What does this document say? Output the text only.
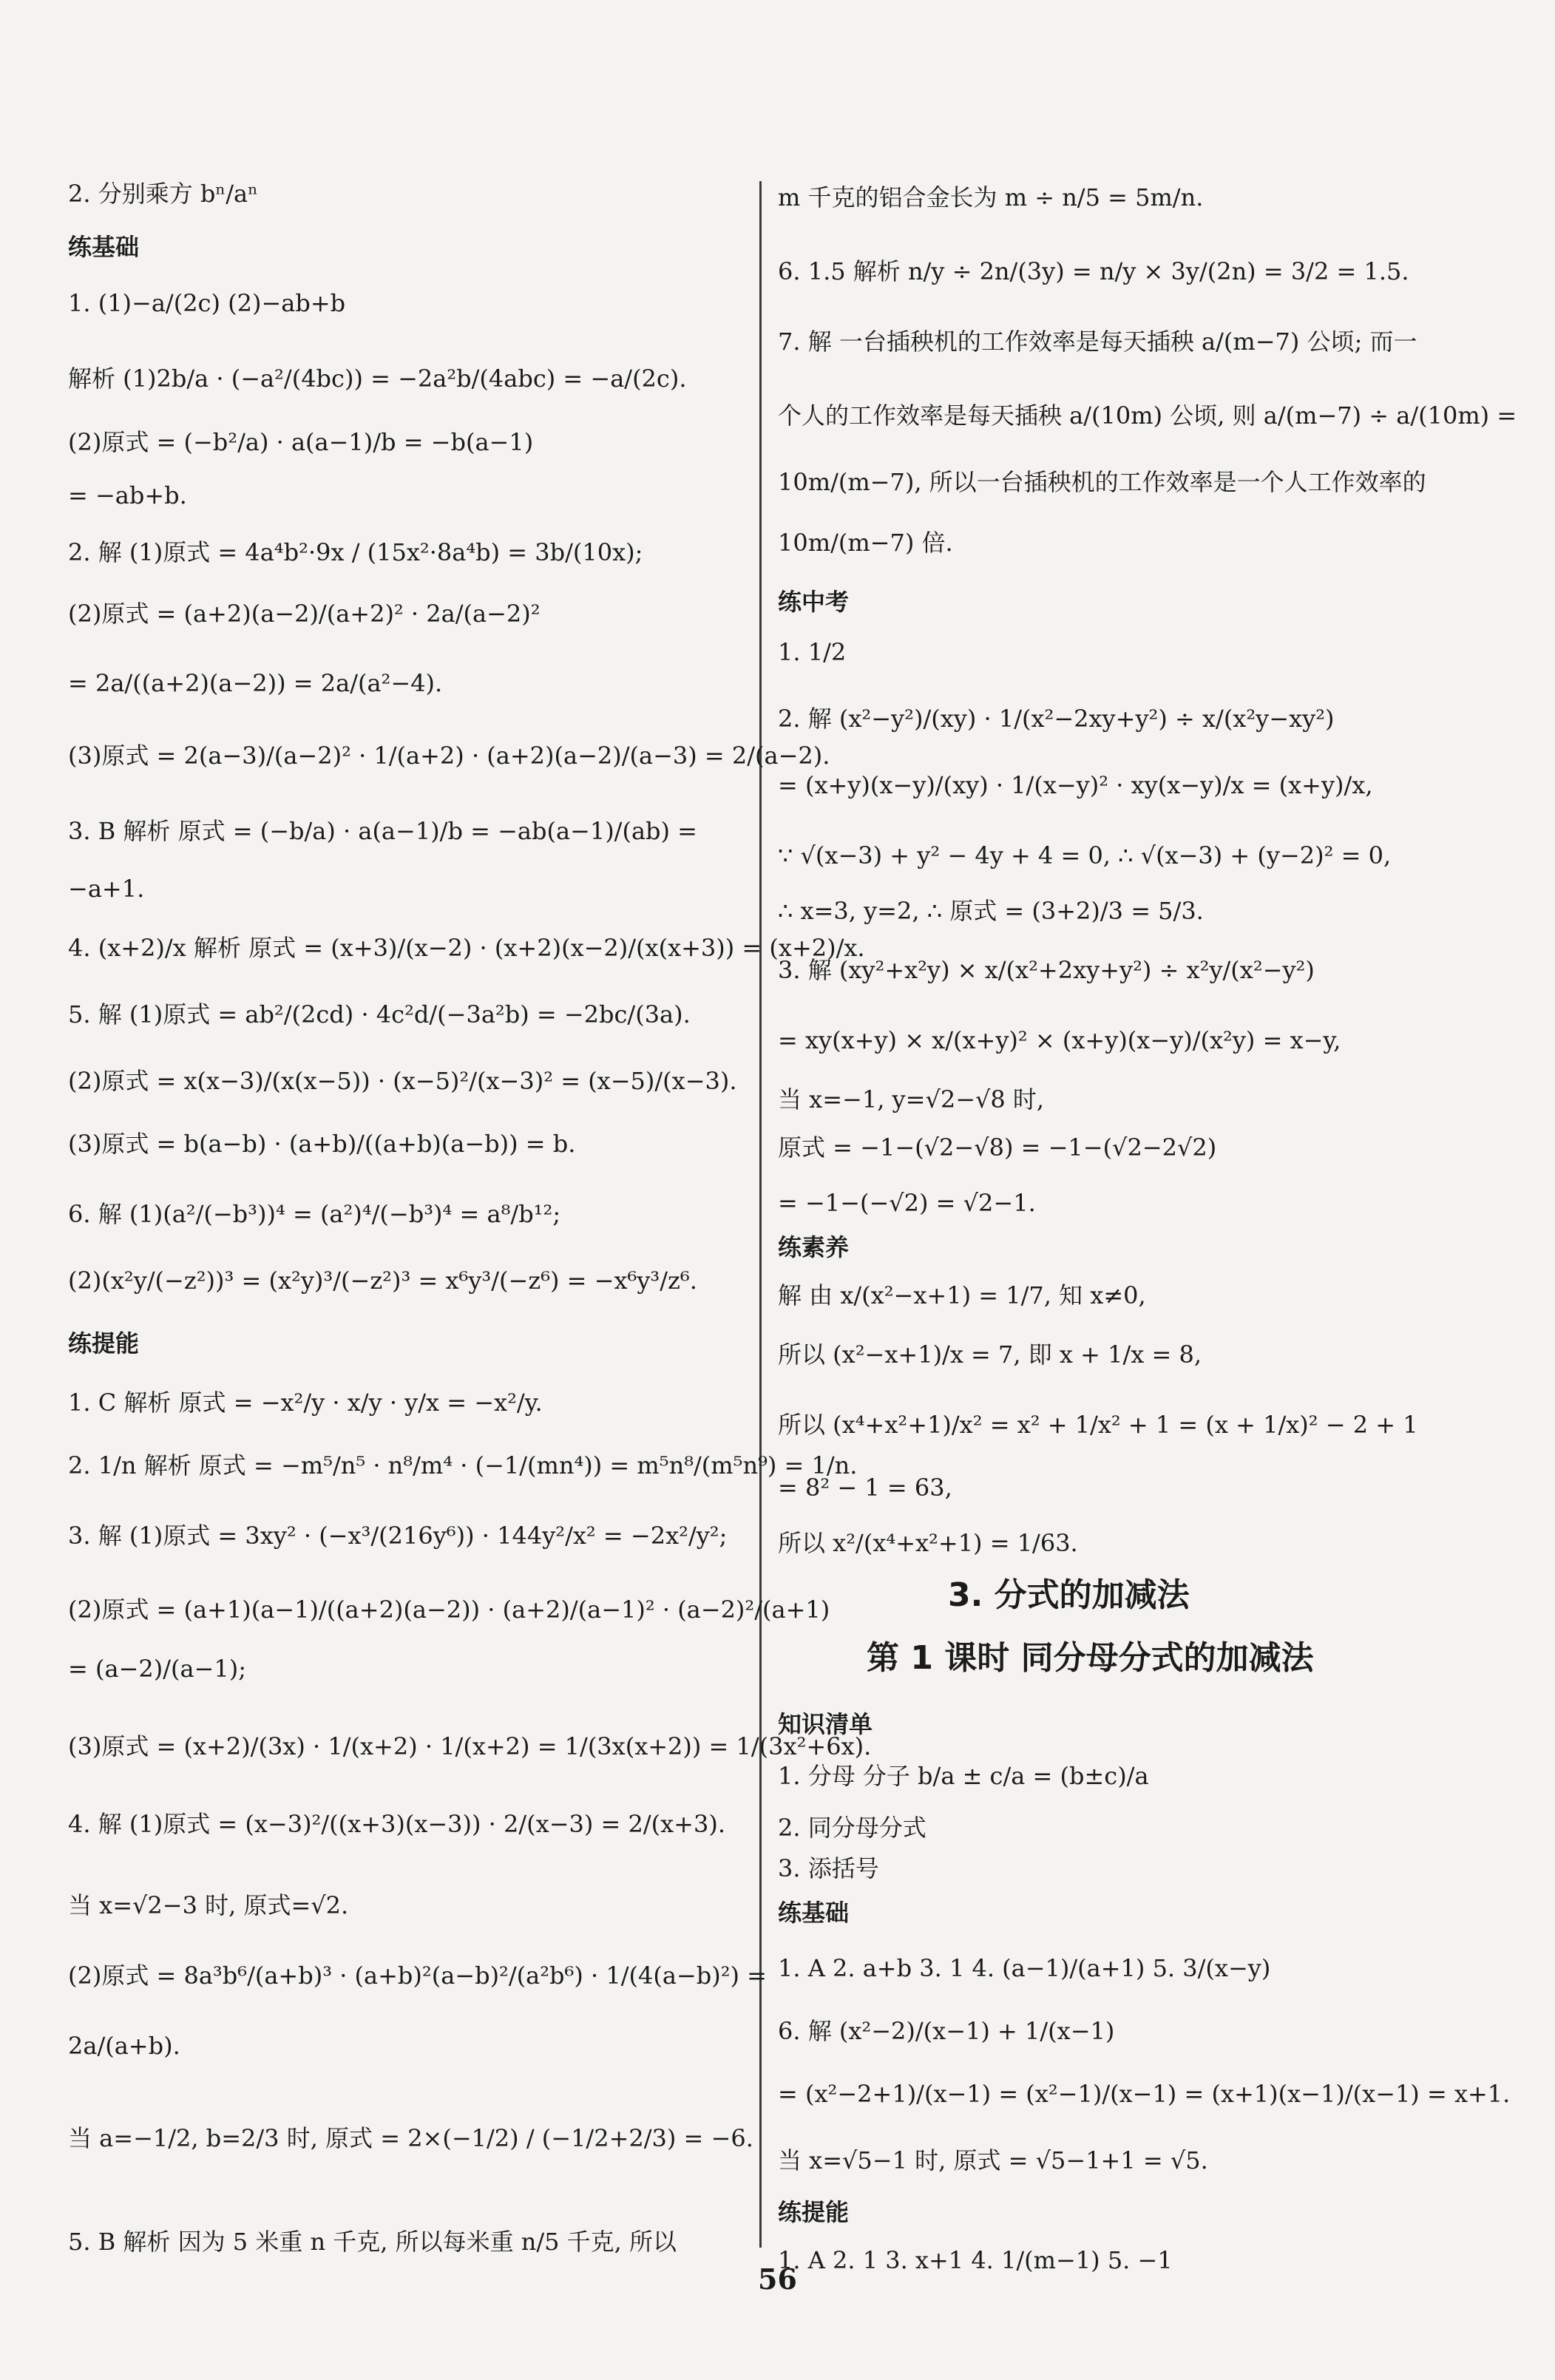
2. 分别乘方 bⁿ/aⁿ
练基础
1. (1)−a/(2c) (2)−ab+b
解析 (1)2b/a · (−a²/(4bc)) = −2a²b/(4abc) = −a/(2c).
(2)原式 = (−b²/a) · a(a−1)/b = −b(a−1)
= −ab+b.
2. 解 (1)原式 = 4a⁴b²·9x / (15x²·8a⁴b) = 3b/(10x);
(2)原式 = (a+2)(a−2)/(a+2)² · 2a/(a−2)²
= 2a/((a+2)(a−2)) = 2a/(a²−4).
(3)原式 = 2(a−3)/(a−2)² · 1/(a+2) · (a+2)(a−2)/(a−3) = 2/(a−2).
3. B 解析 原式 = (−b/a) · a(a−1)/b = −ab(a−1)/(ab) =
−a+1.
4. (x+2)/x 解析 原式 = (x+3)/(x−2) · (x+2)(x−2)/(x(x+3)) = (x+2)/x.
5. 解 (1)原式 = ab²/(2cd) · 4c²d/(−3a²b) = −2bc/(3a).
(2)原式 = x(x−3)/(x(x−5)) · (x−5)²/(x−3)² = (x−5)/(x−3).
(3)原式 = b(a−b) · (a+b)/((a+b)(a−b)) = b.
6. 解 (1)(a²/(−b³))⁴ = (a²)⁴/(−b³)⁴ = a⁸/b¹²;
(2)(x²y/(−z²))³ = (x²y)³/(−z²)³ = x⁶y³/(−z⁶) = −x⁶y³/z⁶.
练提能
1. C 解析 原式 = −x²/y · x/y · y/x = −x²/y.
2. 1/n 解析 原式 = −m⁵/n⁵ · n⁸/m⁴ · (−1/(mn⁴)) = m⁵n⁸/(m⁵n⁹) = 1/n.
3. 解 (1)原式 = 3xy² · (−x³/(216y⁶)) · 144y²/x² = −2x²/y²;
(2)原式 = (a+1)(a−1)/((a+2)(a−2)) · (a+2)/(a−1)² · (a−2)²/(a+1)
= (a−2)/(a−1);
(3)原式 = (x+2)/(3x) · 1/(x+2) · 1/(x+2) = 1/(3x(x+2)) = 1/(3x²+6x).
4. 解 (1)原式 = (x−3)²/((x+3)(x−3)) · 2/(x−3) = 2/(x+3).
当 x=√2−3 时, 原式=√2.
(2)原式 = 8a³b⁶/(a+b)³ · (a+b)²(a−b)²/(a²b⁶) · 1/(4(a−b)²) =
2a/(a+b).
当 a=−1/2, b=2/3 时, 原式 = 2×(−1/2) / (−1/2+2/3) = −6.
5. B 解析 因为 5 米重 n 千克, 所以每米重 n/5 千克, 所以
m 千克的铝合金长为 m ÷ n/5 = 5m/n.
6. 1.5 解析 n/y ÷ 2n/(3y) = n/y × 3y/(2n) = 3/2 = 1.5.
7. 解 一台插秧机的工作效率是每天插秧 a/(m−7) 公顷; 而一
个人的工作效率是每天插秧 a/(10m) 公顷, 则 a/(m−7) ÷ a/(10m) =
10m/(m−7), 所以一台插秧机的工作效率是一个人工作效率的
10m/(m−7) 倍.
练中考
1. 1/2
2. 解 (x²−y²)/(xy) · 1/(x²−2xy+y²) ÷ x/(x²y−xy²)
= (x+y)(x−y)/(xy) · 1/(x−y)² · xy(x−y)/x = (x+y)/x,
∵ √(x−3) + y² − 4y + 4 = 0, ∴ √(x−3) + (y−2)² = 0,
∴ x=3, y=2, ∴ 原式 = (3+2)/3 = 5/3.
3. 解 (xy²+x²y) × x/(x²+2xy+y²) ÷ x²y/(x²−y²)
= xy(x+y) × x/(x+y)² × (x+y)(x−y)/(x²y) = x−y,
当 x=−1, y=√2−√8 时,
原式 = −1−(√2−√8) = −1−(√2−2√2)
= −1−(−√2) = √2−1.
练素养
解 由 x/(x²−x+1) = 1/7, 知 x≠0,
所以 (x²−x+1)/x = 7, 即 x + 1/x = 8,
所以 (x⁴+x²+1)/x² = x² + 1/x² + 1 = (x + 1/x)² − 2 + 1
= 8² − 1 = 63,
所以 x²/(x⁴+x²+1) = 1/63.
3. 分式的加减法
第 1 课时 同分母分式的加减法
知识清单
1. 分母 分子 b/a ± c/a = (b±c)/a
2. 同分母分式
3. 添括号
练基础
1. A 2. a+b 3. 1 4. (a−1)/(a+1) 5. 3/(x−y)
6. 解 (x²−2)/(x−1) + 1/(x−1)
= (x²−2+1)/(x−1) = (x²−1)/(x−1) = (x+1)(x−1)/(x−1) = x+1.
当 x=√5−1 时, 原式 = √5−1+1 = √5.
练提能
1. A 2. 1 3. x+1 4. 1/(m−1) 5. −1
56
